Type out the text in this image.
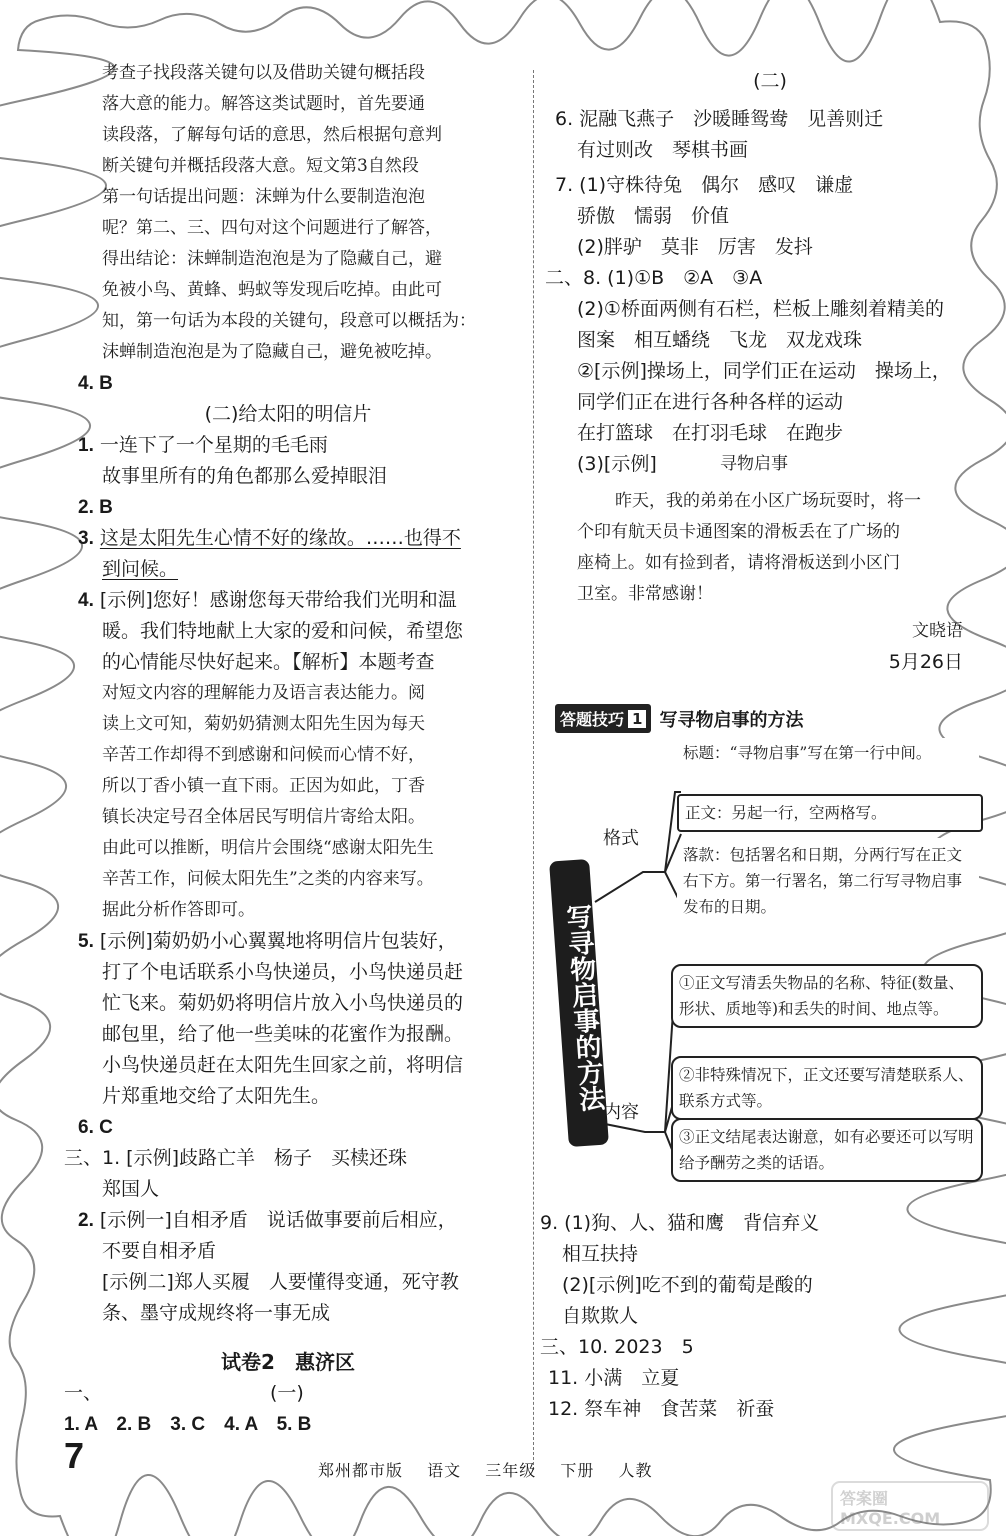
考查子找段落关键句以及借助关键句概括段
落大意的能力。解答这类试题时，首先要通
读段落，了解每句话的意思，然后根据句意判
断关键句并概括段落大意。短文第3自然段
第一句话提出问题：沫蝉为什么要制造泡泡
呢？第二、三、四句对这个问题进行了解答，
得出结论：沫蝉制造泡泡是为了隐藏自己，避
免被小鸟、黄蜂、蚂蚁等发现后吃掉。由此可
知，第一句话为本段的关键句，段意可以概括为：
沫蝉制造泡泡是为了隐藏自己，避免被吃掉。
4. B
(二)给太阳的明信片
1. 一连下了一个星期的毛毛雨
故事里所有的角色都那么爱掉眼泪
2. B
3. 这是太阳先生心情不好的缘故。……也得不
到问候。
4. [示例]您好！感谢您每天带给我们光明和温
暖。我们特地献上大家的爱和问候，希望您
的心情能尽快好起来。【解析】本题考查
对短文内容的理解能力及语言表达能力。阅
读上文可知，菊奶奶猜测太阳先生因为每天
辛苦工作却得不到感谢和问候而心情不好，
所以丁香小镇一直下雨。正因为如此，丁香
镇长决定号召全体居民写明信片寄给太阳。
由此可以推断，明信片会围绕“感谢太阳先生
辛苦工作，问候太阳先生”之类的内容来写。
据此分析作答即可。
5. [示例]菊奶奶小心翼翼地将明信片包装好，
打了个电话联系小鸟快递员，小鸟快递员赶
忙飞来。菊奶奶将明信片放入小鸟快递员的
邮包里，给了他一些美味的花蜜作为报酬。
小鸟快递员赶在太阳先生回家之前，将明信
片郑重地交给了太阳先生。
6. C
三、1. [示例]歧路亡羊　杨子　买椟还珠
郑国人
2. [示例一]自相矛盾　说话做事要前后相应，
不要自相矛盾
[示例二]郑人买履　人要懂得变通，死守教
条、墨守成规终将一事无成
试卷2　惠济区
一、	(一)
1. A　2. B　3. C　4. A　5. B
(二)
6. 泥融飞燕子　沙暖睡鸳鸯　见善则迁
有过则改　琴棋书画
7. (1)守株待兔　偶尔　感叹　谦虚
骄傲　懦弱　价值
(2)胖驴　莫非　厉害　发抖
二、8. (1)①B　②A　③A
(2)①桥面两侧有石栏，栏板上雕刻着精美的
图案　相互蟠绕　飞龙　双龙戏珠
②[示例]操场上，同学们正在运动　操场上，
同学们正在进行各种各样的运动
在打篮球　在打羽毛球　在跑步
(3)[示例]	寻物启事
昨天，我的弟弟在小区广场玩耍时，将一
个印有航天员卡通图案的滑板丢在了广场的
座椅上。如有捡到者，请将滑板送到小区门
卫室。非常感谢！
文晓语
5月26日
答题技巧 1 写寻物启事的方法
写寻物启事的方法
格式
内容
标题：“寻物启事”写在第一行中间。
正文：另起一行，空两格写。
落款：包括署名和日期，分两行写在正文右下方。第一行署名，第二行写寻物启事发布的日期。
①正文写清丢失物品的名称、特征(数量、形状、质地等)和丢失的时间、地点等。
②非特殊情况下，正文还要写清楚联系人、联系方式等。
③正文结尾表达谢意，如有必要还可以写明给予酬劳之类的话语。
9. (1)狗、人、猫和鹰　背信弃义
相互扶持
(2)[示例]吃不到的葡萄是酸的
自欺欺人
三、10. 2023　5
11. 小满　立夏
12. 祭车神　食苦菜　祈蚕
7	郑州都市版 语文 三年级 下册 人教
答案圈 MXQE.COM
